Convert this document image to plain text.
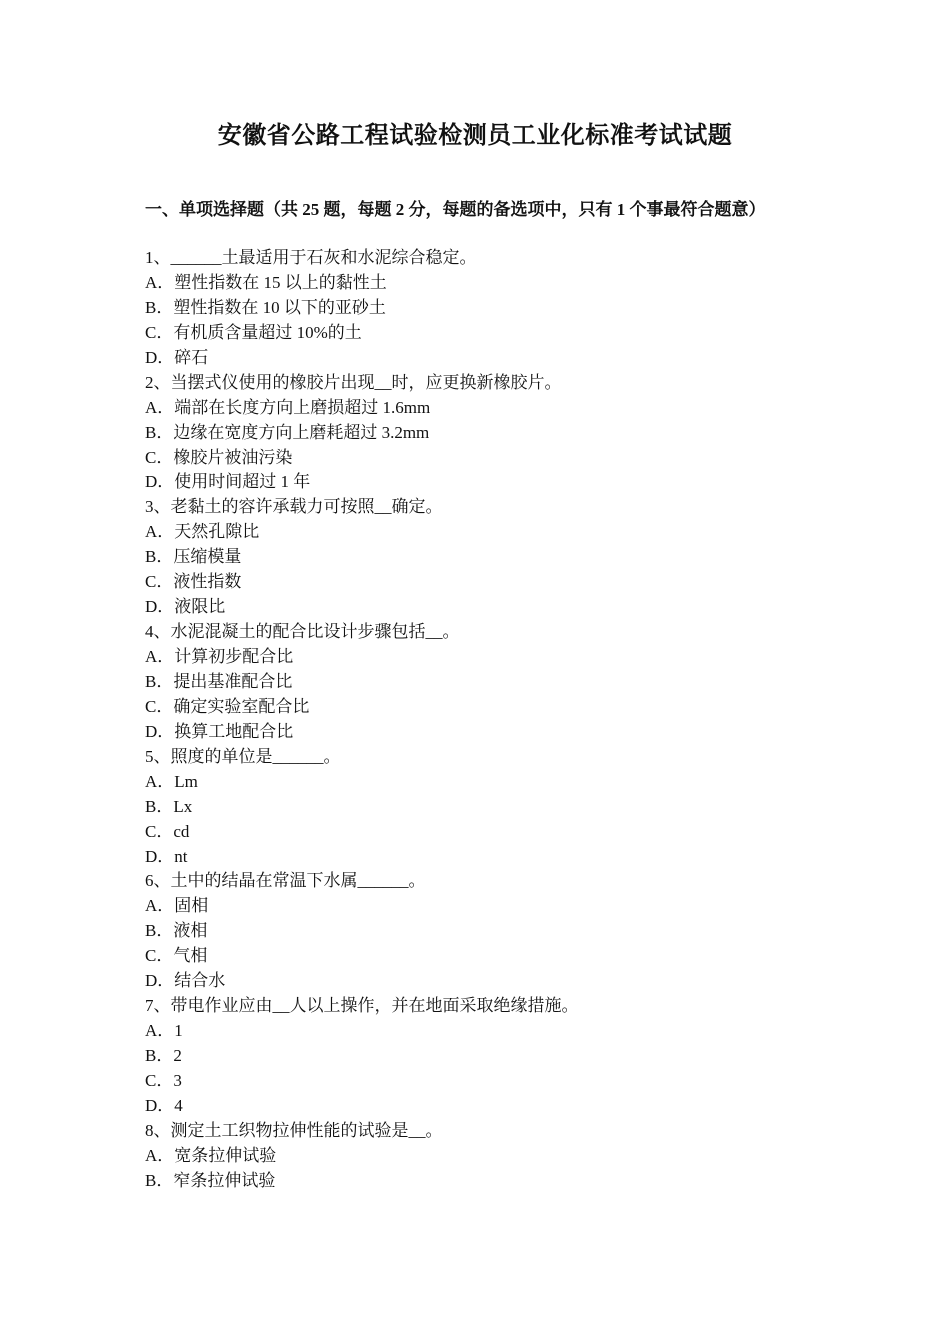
安徽省公路工程试验检测员工业化标准考试试题
一、单项选择题（共 25 题，每题 2 分，每题的备选项中，只有 1 个事最符合题意）
1、______土最适用于石灰和水泥综合稳定。
A．塑性指数在 15 以上的黏性土
B．塑性指数在 10 以下的亚砂土
C．有机质含量超过 10%的土
D．碎石
2、当摆式仪使用的橡胶片出现__时，应更换新橡胶片。
A．端部在长度方向上磨损超过 1.6mm
B．边缘在宽度方向上磨耗超过 3.2mm
C．橡胶片被油污染
D．使用时间超过 1 年
3、老黏土的容许承载力可按照__确定。
A．天然孔隙比
B．压缩模量
C．液性指数
D．液限比
4、水泥混凝土的配合比设计步骤包括__。
A．计算初步配合比
B．提出基准配合比
C．确定实验室配合比
D．换算工地配合比
5、照度的单位是______。
A．Lm
B．Lx
C．cd
D．nt
6、土中的结晶在常温下水属______。
A．固相
B．液相
C．气相
D．结合水
7、带电作业应由__人以上操作，并在地面采取绝缘措施。
A．1
B．2
C．3
D．4
8、测定土工织物拉伸性能的试验是__。
A．宽条拉伸试验
B．窄条拉伸试验
